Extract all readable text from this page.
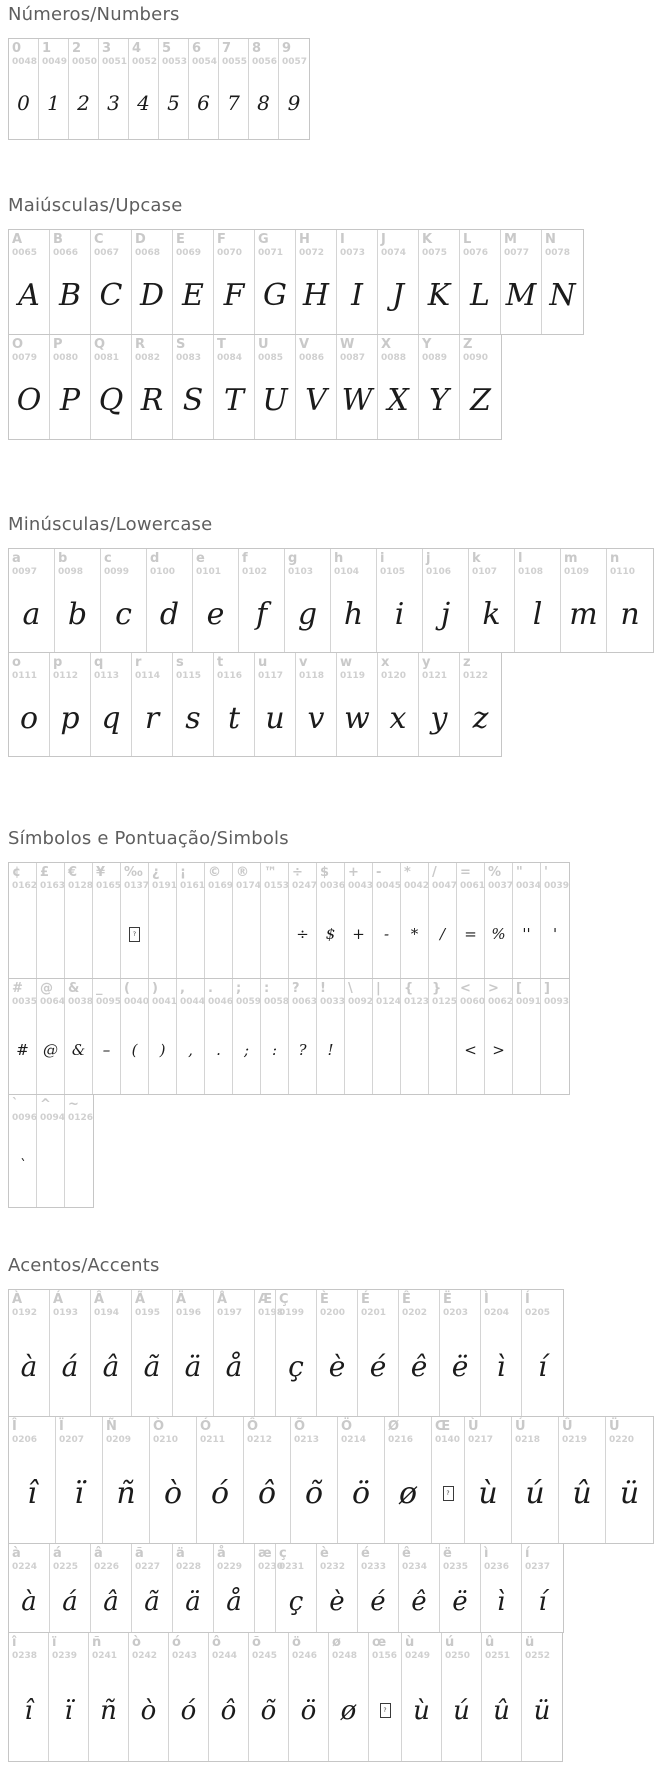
Números/Numbers
0
0048
0
1
0049
1
2
0050
2
3
0051
3
4
0052
4
5
0053
5
6
0054
6
7
0055
7
8
0056
8
9
0057
9
Maiúsculas/Upcase
A
0065
A
B
0066
B
C
0067
C
D
0068
D
E
0069
E
F
0070
F
G
0071
G
H
0072
H
I
0073
I
J
0074
J
K
0075
K
L
0076
L
M
0077
M
N
0078
N
O
0079
O
P
0080
P
Q
0081
Q
R
0082
R
S
0083
S
T
0084
T
U
0085
U
V
0086
V
W
0087
W
X
0088
X
Y
0089
Y
Z
0090
Z
Minúsculas/Lowercase
a
0097
a
b
0098
b
c
0099
c
d
0100
d
e
0101
e
f
0102
f
g
0103
g
h
0104
h
i
0105
i
j
0106
j
k
0107
k
l
0108
l
m
0109
m
n
0110
n
o
0111
o
p
0112
p
q
0113
q
r
0114
r
s
0115
s
t
0116
t
u
0117
u
v
0118
v
w
0119
w
x
0120
x
y
0121
y
z
0122
z
Símbolos e Pontuação/Simbols
¢
0162
£
0163
€
0128
¥
0165
‰
0137
?
¿
0191
¡
0161
©
0169
®
0174
™
0153
÷
0247
÷
$
0036
$
+
0043
+
-
0045
-
*
0042
*
/
0047
/
=
0061
=
%
0037
%
"
0034
''
'
0039
'
#
0035
#
@
0064
@
&
0038
&
_
0095
–
(
0040
(
)
0041
)
,
0044
,
.
0046
.
;
0059
;
:
0058
:
?
0063
?
!
0033
!
\
0092
|
0124
{
0123
}
0125
<
0060
<
>
0062
>
[
0091
]
0093
`
0096
`
^
0094
~
0126
Acentos/Accents
À
0192
à
Á
0193
á
Â
0194
â
Ã
0195
ã
Ä
0196
ä
Å
0197
å
Æ
0198
Ç
0199
ç
È
0200
è
É
0201
é
Ê
0202
ê
Ë
0203
ë
Ì
0204
ì
Í
0205
í
Î
0206
î
Ï
0207
ï
Ñ
0209
ñ
Ò
0210
ò
Ó
0211
ó
Ô
0212
ô
Õ
0213
õ
Ö
0214
ö
Ø
0216
ø
Œ
0140
?
Ù
0217
ù
Ú
0218
ú
Û
0219
û
Ü
0220
ü
à
0224
à
á
0225
á
â
0226
â
ã
0227
ã
ä
0228
ä
å
0229
å
æ
0230
ç
0231
ç
è
0232
è
é
0233
é
ê
0234
ê
ë
0235
ë
ì
0236
ì
í
0237
í
î
0238
î
ï
0239
ï
ñ
0241
ñ
ò
0242
ò
ó
0243
ó
ô
0244
ô
õ
0245
õ
ö
0246
ö
ø
0248
ø
œ
0156
?
ù
0249
ù
ú
0250
ú
û
0251
û
ü
0252
ü
